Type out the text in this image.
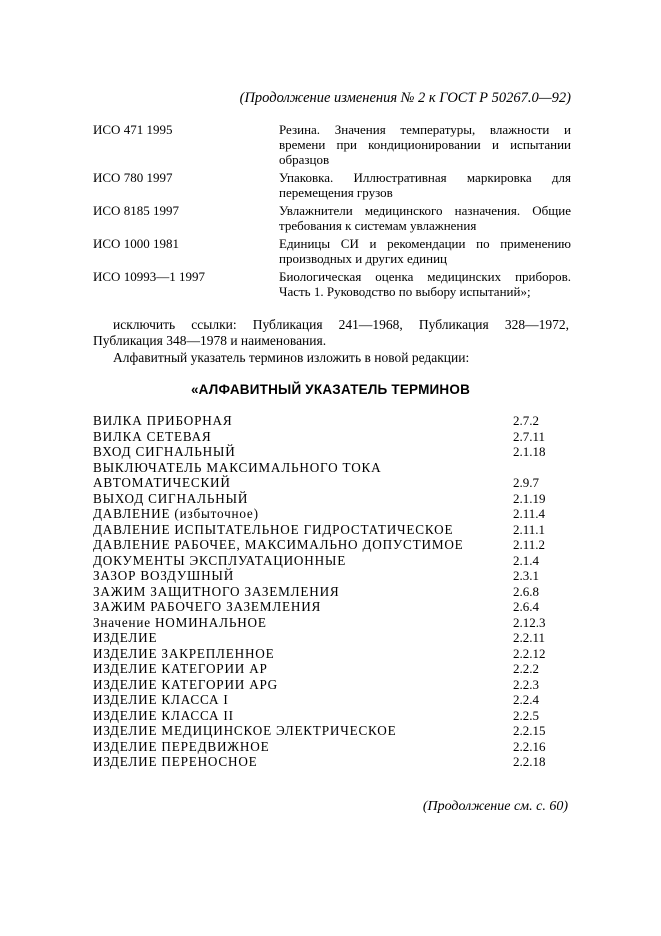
(Продолжение изменения № 2 к ГОСТ Р 50267.0—92)
ИСО 471 1995	Резина. Значения температуры, влажности и времени при кондиционировании и испытании образцов
ИСО 780 1997	Упаковка. Иллюстративная маркировка для перемещения грузов
ИСО 8185 1997	Увлажнители медицинского назначения. Общие требования к системам увлажнения
ИСО 1000 1981	Единицы СИ и рекомендации по применению производных и других единиц
ИСО 10993—1 1997	Биологическая оценка медицинских приборов. Часть 1. Руководство по выбору испытаний»;
исключить ссылки: Публикация 241—1968, Публикация 328—1972, Публикация 348—1978 и наименования.
Алфавитный указатель терминов изложить в новой редакции:
«АЛФАВИТНЫЙ УКАЗАТЕЛЬ ТЕРМИНОВ
ВИЛКА ПРИБОРНАЯ	2.7.2
ВИЛКА СЕТЕВАЯ	2.7.11
ВХОД СИГНАЛЬНЫЙ	2.1.18
ВЫКЛЮЧАТЕЛЬ МАКСИМАЛЬНОГО ТОКА
АВТОМАТИЧЕСКИЙ	2.9.7
ВЫХОД СИГНАЛЬНЫЙ	2.1.19
ДАВЛЕНИЕ (избыточное)	2.11.4
ДАВЛЕНИЕ ИСПЫТАТЕЛЬНОЕ ГИДРОСТАТИЧЕСКОЕ	2.11.1
ДАВЛЕНИЕ РАБОЧЕЕ, МАКСИМАЛЬНО ДОПУСТИМОЕ	2.11.2
ДОКУМЕНТЫ ЭКСПЛУАТАЦИОННЫЕ	2.1.4
ЗАЗОР ВОЗДУШНЫЙ	2.3.1
ЗАЖИМ ЗАЩИТНОГО ЗАЗЕМЛЕНИЯ	2.6.8
ЗАЖИМ РАБОЧЕГО ЗАЗЕМЛЕНИЯ	2.6.4
Значение НОМИНАЛЬНОЕ	2.12.3
ИЗДЕЛИЕ	2.2.11
ИЗДЕЛИЕ ЗАКРЕПЛЕННОЕ	2.2.12
ИЗДЕЛИЕ КАТЕГОРИИ АР	2.2.2
ИЗДЕЛИЕ КАТЕГОРИИ APG	2.2.3
ИЗДЕЛИЕ КЛАССА I	2.2.4
ИЗДЕЛИЕ КЛАССА II	2.2.5
ИЗДЕЛИЕ МЕДИЦИНСКОЕ ЭЛЕКТРИЧЕСКОЕ	2.2.15
ИЗДЕЛИЕ ПЕРЕДВИЖНОЕ	2.2.16
ИЗДЕЛИЕ ПЕРЕНОСНОЕ	2.2.18
(Продолжение см. с. 60)
